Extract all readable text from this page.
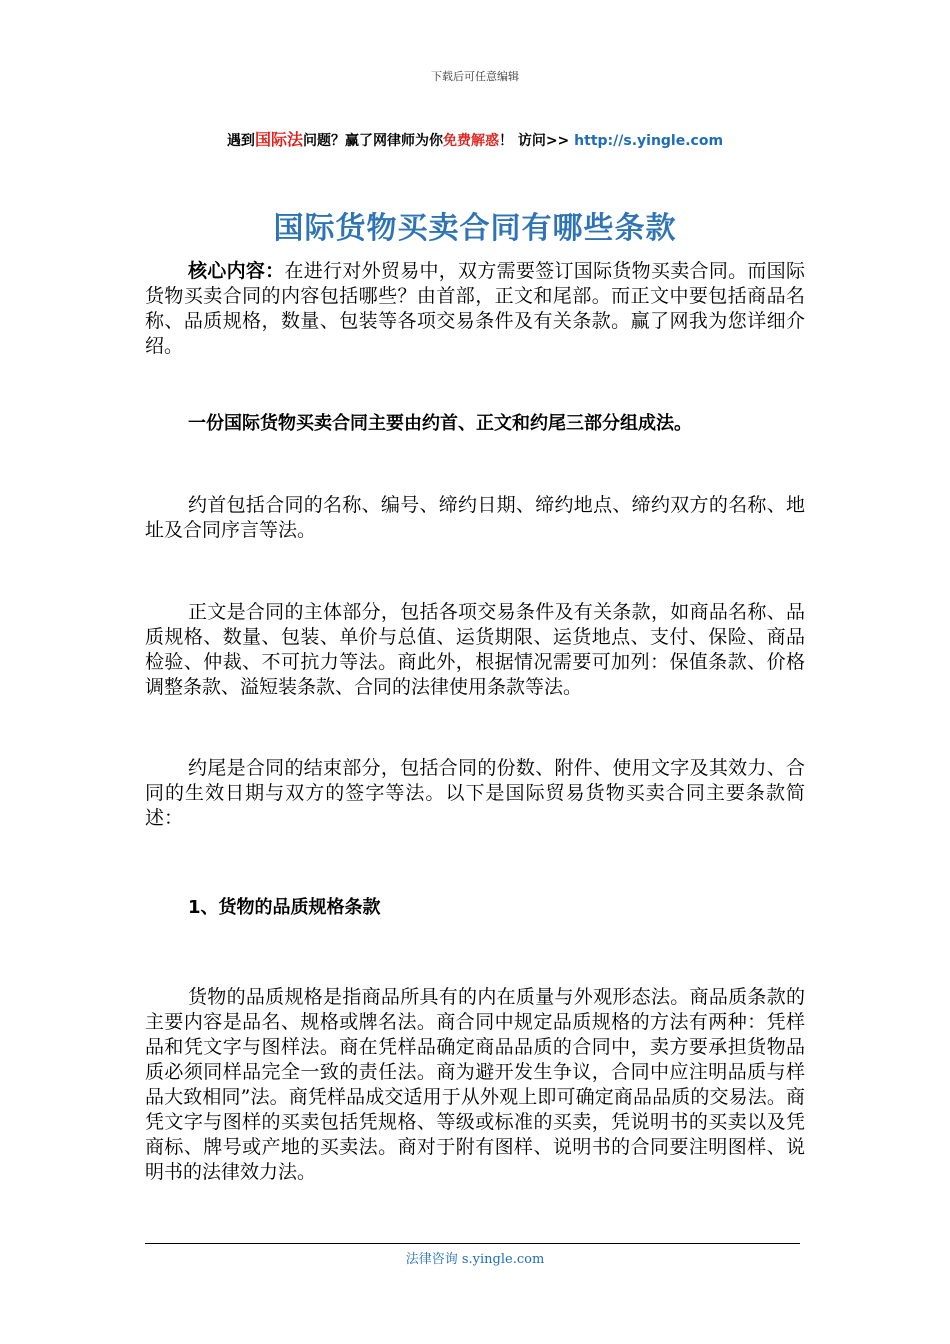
下载后可任意编辑
遇到国际法问题？赢了网律师为你免费解惑！ 访问>> http://s.yingle.com
国际货物买卖合同有哪些条款

核心内容：在进行对外贸易中，双方需要签订国际货物买卖合同。而国际货物买卖合同的内容包括哪些？由首部，正文和尾部。而正文中要包括商品名称、品质规格，数量、包装等各项交易条件及有关条款。赢了网我为您详细介绍。

一份国际货物买卖合同主要由约首、正文和约尾三部分组成法。

约首包括合同的名称、编号、缔约日期、缔约地点、缔约双方的名称、地址及合同序言等法。

正文是合同的主体部分，包括各项交易条件及有关条款，如商品名称、品质规格、数量、包装、单价与总值、运货期限、运货地点、支付、保险、商品检验、仲裁、不可抗力等法。商此外，根据情况需要可加列：保值条款、价格调整条款、溢短装条款、合同的法律使用条款等法。

约尾是合同的结束部分，包括合同的份数、附件、使用文字及其效力、合同的生效日期与双方的签字等法。以下是国际贸易货物买卖合同主要条款简述：

1、货物的品质规格条款

货物的品质规格是指商品所具有的内在质量与外观形态法。商品质条款的主要内容是品名、规格或牌名法。商合同中规定品质规格的方法有两种：凭样品和凭文字与图样法。商在凭样品确定商品品质的合同中，卖方要承担货物品质必须同样品完全一致的责任法。商为避开发生争议，合同中应注明品质与样品大致相同”法。商凭样品成交适用于从外观上即可确定商品品质的交易法。商凭文字与图样的买卖包括凭规格、等级或标准的买卖，凭说明书的买卖以及凭商标、牌号或产地的买卖法。商对于附有图样、说明书的合同要注明图样、说明书的法律效力法。

法律咨询 s.yingle.com
